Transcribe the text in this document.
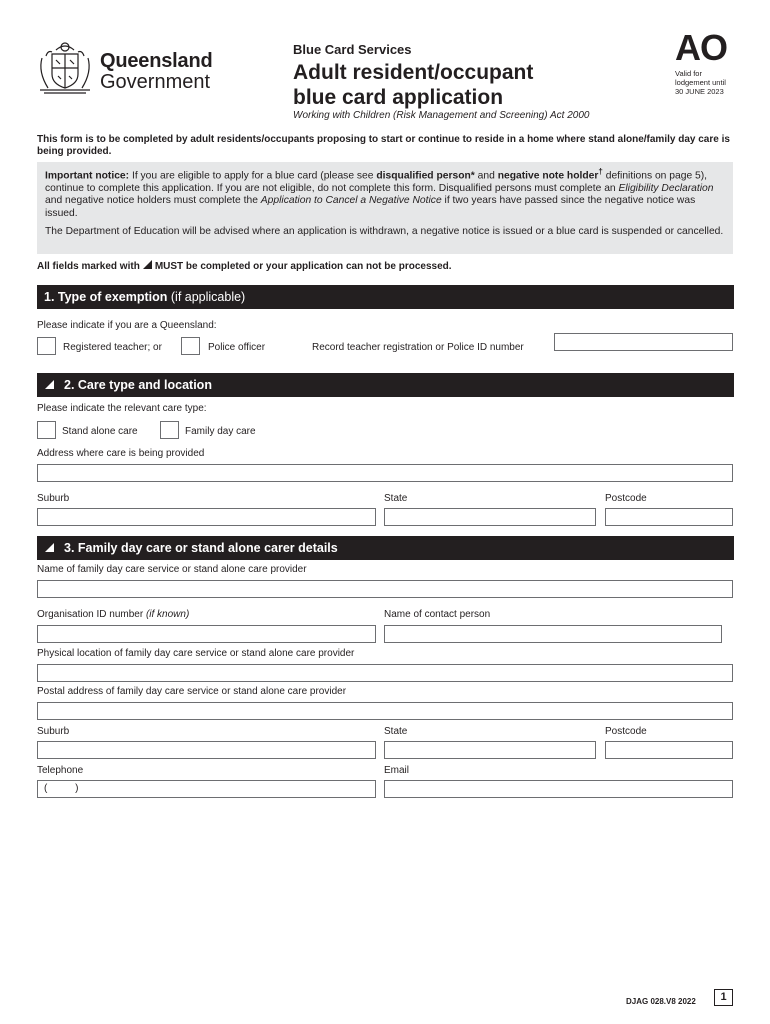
Queensland
Government
Blue Card Services
Adult resident/occupant
blue card application
Working with Children (Risk Management and Screening) Act 2000
AO
Valid for
lodgement until
30 JUNE 2023
This form is to be completed by adult residents/occupants proposing to start or continue to reside in a home where stand alone/family day care is being provided.

Important notice: If you are eligible to apply for a blue card (please see disqualified person* and negative note holder† definitions on page 5), continue to complete this application. If you are not eligible, do not complete this form. Disqualified persons must complete an Eligibility Declaration and negative notice holders must complete the Application to Cancel a Negative Notice if two years have passed since the negative notice was issued.

The Department of Education will be advised where an application is withdrawn, a negative notice is issued or a blue card is suspended or cancelled.

All fields marked with MUST be completed or your application can not be processed.
1. Type of exemption (if applicable)
Please indicate if you are a Queensland:
Registered teacher; or	Police officer	Record teacher registration or Police ID number
2. Care type and location
Please indicate the relevant care type:
Stand alone care	Family day care
Address where care is being provided
Suburb	State	Postcode
3. Family day care or stand alone carer details
Name of family day care service or stand alone care provider
Organisation ID number (if known)	Name of contact person
Physical location of family day care service or stand alone care provider
Postal address of family day care service or stand alone care provider
Suburb	State	Postcode
Telephone	Email
(          )
DJAG 028.V8 2022	1
